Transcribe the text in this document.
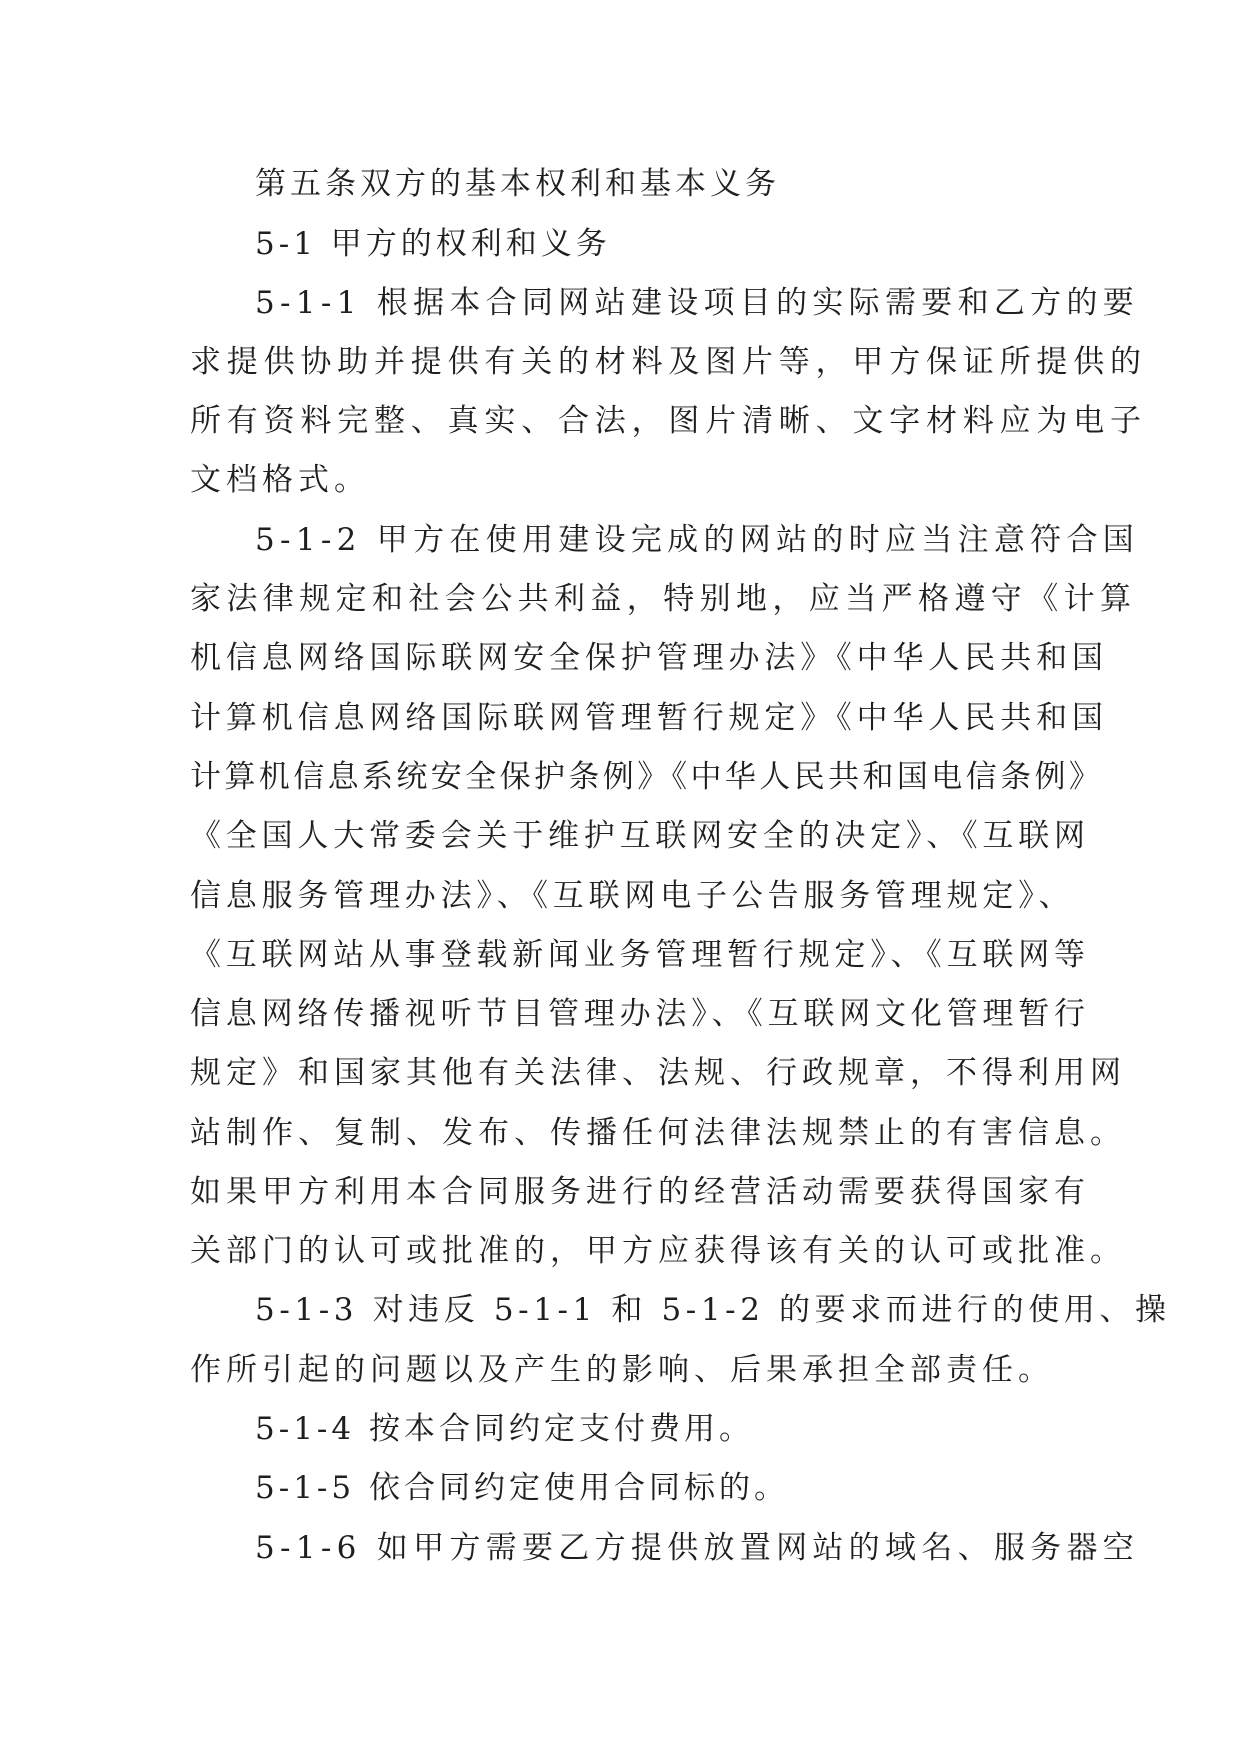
第五条双方的基本权利和基本义务

5-1 甲方的权利和义务

5-1-1 根据本合同网站建设项目的实际需要和乙方的要

求提供协助并提供有关的材料及图片等，甲方保证所提供的

所有资料完整、真实、合法，图片清晰、文字材料应为电子

文档格式。

5-1-2 甲方在使用建设完成的网站的时应当注意符合国

家法律规定和社会公共利益，特别地，应当严格遵守《计算

机信息网络国际联网安全保护管理办法》《中华人民共和国

计算机信息网络国际联网管理暂行规定》《中华人民共和国

计算机信息系统安全保护条例》《中华人民共和国电信条例》

《全国人大常委会关于维护互联网安全的决定》、《互联网

信息服务管理办法》、《互联网电子公告服务管理规定》、

《互联网站从事登载新闻业务管理暂行规定》、《互联网等

信息网络传播视听节目管理办法》、《互联网文化管理暂行

规定》和国家其他有关法律、法规、行政规章，不得利用网

站制作、复制、发布、传播任何法律法规禁止的有害信息。

如果甲方利用本合同服务进行的经营活动需要获得国家有

关部门的认可或批准的，甲方应获得该有关的认可或批准。

5-1-3 对违反 5-1-1 和 5-1-2 的要求而进行的使用、操

作所引起的问题以及产生的影响、后果承担全部责任。

5-1-4 按本合同约定支付费用。

5-1-5 依合同约定使用合同标的。

5-1-6 如甲方需要乙方提供放置网站的域名、服务器空
